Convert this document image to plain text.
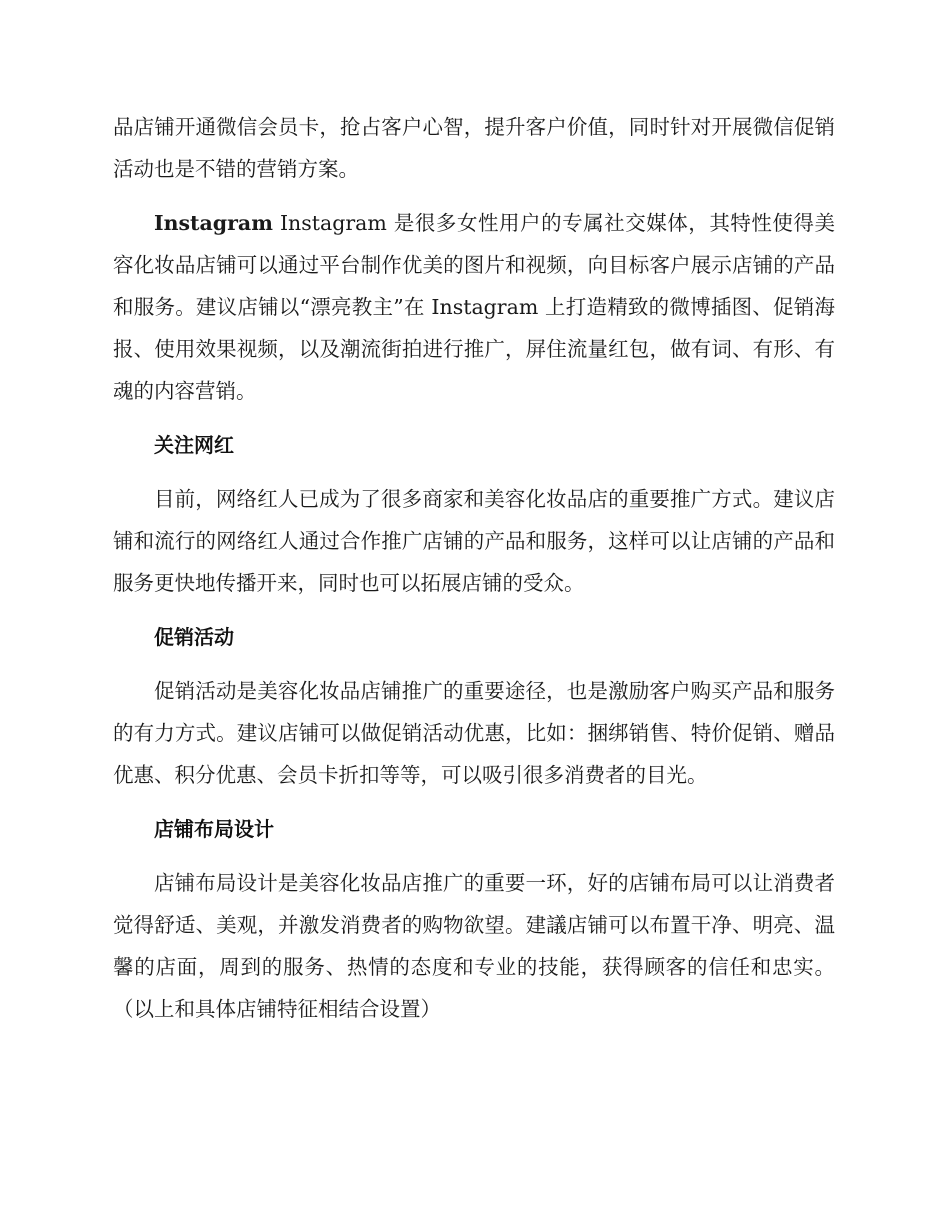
品店铺开通微信会员卡，抢占客户心智，提升客户价值，同时针对开展微信促销活动也是不错的营销方案。

Instagram Instagram 是很多女性用户的专属社交媒体，其特性使得美容化妆品店铺可以通过平台制作优美的图片和视频，向目标客户展示店铺的产品和服务。建议店铺以“漂亮教主”在 Instagram 上打造精致的微博插图、促销海报、使用效果视频，以及潮流街拍进行推广，屏住流量红包，做有词、有形、有魂的内容营销。

关注网红

目前，网络红人已成为了很多商家和美容化妆品店的重要推广方式。建议店铺和流行的网络红人通过合作推广店铺的产品和服务，这样可以让店铺的产品和服务更快地传播开来，同时也可以拓展店铺的受众。

促销活动

促销活动是美容化妆品店铺推广的重要途径，也是激励客户购买产品和服务的有力方式。建议店铺可以做促销活动优惠，比如：捆绑销售、特价促销、赠品优惠、积分优惠、会员卡折扣等等，可以吸引很多消费者的目光。

店铺布局设计

店铺布局设计是美容化妆品店推广的重要一环，好的店铺布局可以让消费者觉得舒适、美观，并激发消费者的购物欲望。建議店铺可以布置干净、明亮、温馨的店面，周到的服务、热情的态度和专业的技能，获得顾客的信任和忠实。（以上和具体店铺特征相结合设置）
